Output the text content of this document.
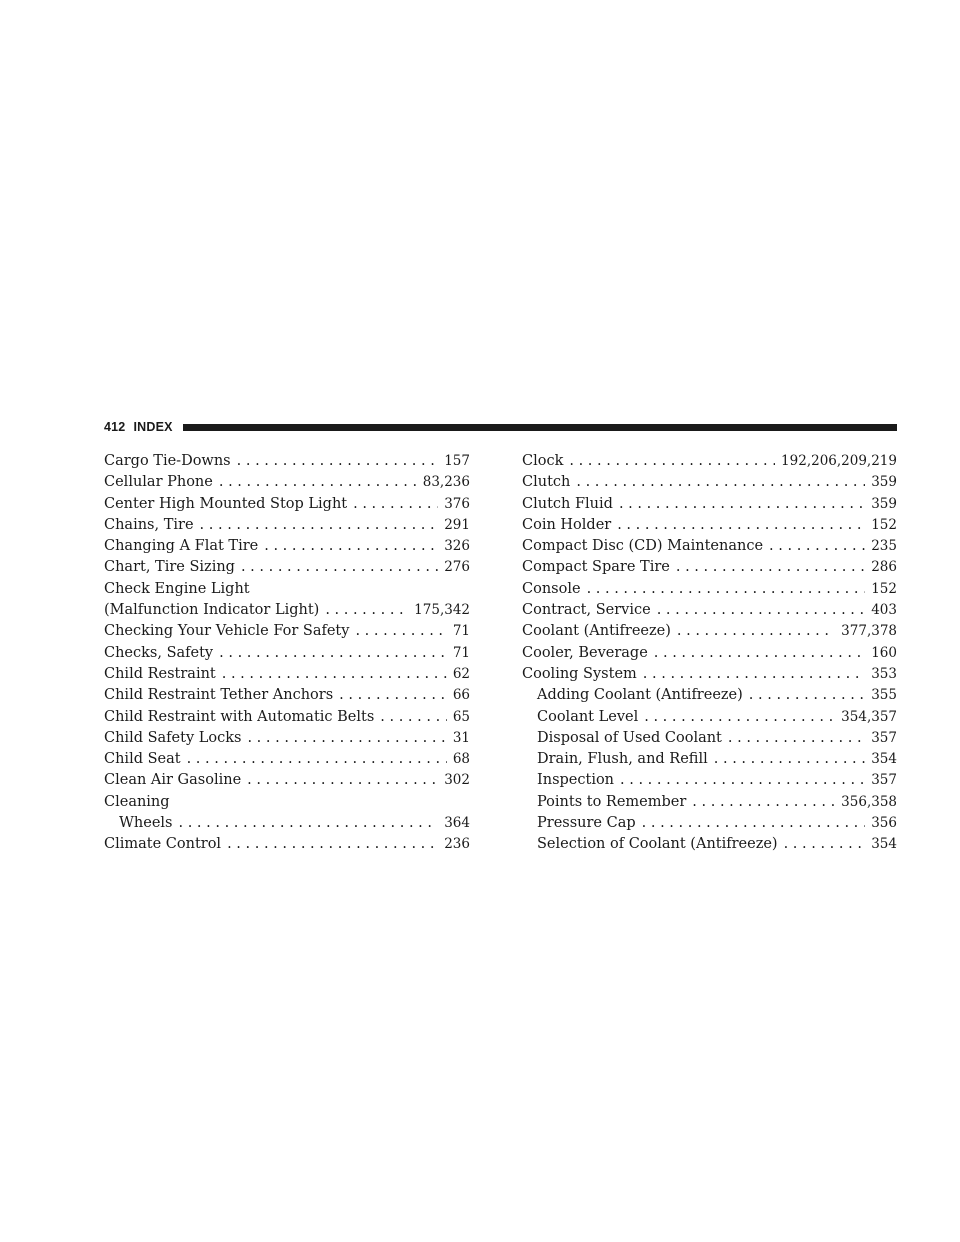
412 INDEX
Cargo Tie-Downs . . .	157
Cellular Phone . . .	83,236
Center High Mounted Stop Light . . .	376
Chains, Tire . . .	291
Changing A Flat Tire . . .	326
Chart, Tire Sizing . . .	276
Check Engine Light
(Malfunction Indicator Light) . . .	175,342
Checking Your Vehicle For Safety . . .	71
Checks, Safety . . .	71
Child Restraint . . .	62
Child Restraint Tether Anchors . . .	66
Child Restraint with Automatic Belts . . .	65
Child Safety Locks . . .	31
Child Seat . . .	68
Clean Air Gasoline . . .	302
Cleaning
Wheels . . .	364
Climate Control . . .	236
Clock . . .	192,206,209,219
Clutch . . .	359
Clutch Fluid . . .	359
Coin Holder . . .	152
Compact Disc (CD) Maintenance . . .	235
Compact Spare Tire . . .	286
Console . . .	152
Contract, Service . . .	403
Coolant (Antifreeze) . . .	377,378
Cooler, Beverage . . .	160
Cooling System . . .	353
Adding Coolant (Antifreeze) . . .	355
Coolant Level . . .	354,357
Disposal of Used Coolant . . .	357
Drain, Flush, and Refill . . .	354
Inspection . . .	357
Points to Remember . . .	356,358
Pressure Cap . . .	356
Selection of Coolant (Antifreeze) . . .	354
